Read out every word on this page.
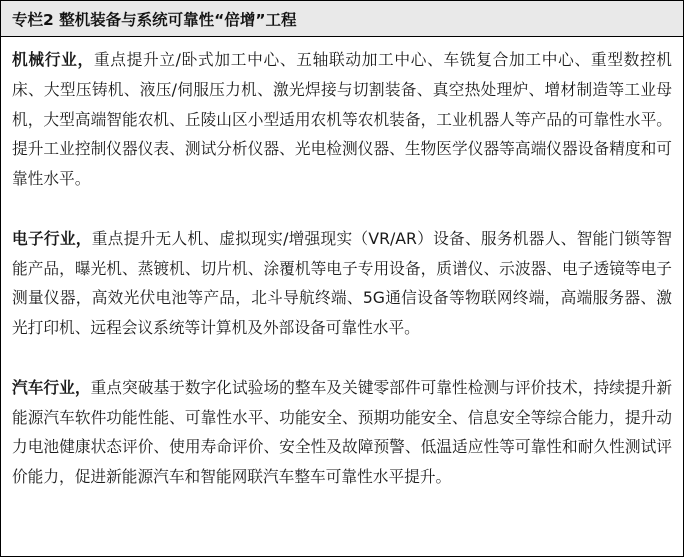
专栏2 整机装备与系统可靠性“倍增”工程

机械行业，重点提升立/卧式加工中心、五轴联动加工中心、车铣复合加工中心、重型数控机床、大型压铸机、液压/伺服压力机、激光焊接与切割装备、真空热处理炉、增材制造等工业母机，大型高端智能农机、丘陵山区小型适用农机等农机装备，工业机器人等产品的可靠性水平。提升工业控制仪器仪表、测试分析仪器、光电检测仪器、生物医学仪器等高端仪器设备精度和可靠性水平。

电子行业，重点提升无人机、虚拟现实/增强现实（VR/AR）设备、服务机器人、智能门锁等智能产品，曝光机、蒸镀机、切片机、涂覆机等电子专用设备，质谱仪、示波器、电子透镜等电子测量仪器，高效光伏电池等产品，北斗导航终端、5G通信设备等物联网终端，高端服务器、激光打印机、远程会议系统等计算机及外部设备可靠性水平。

汽车行业，重点突破基于数字化试验场的整车及关键零部件可靠性检测与评价技术，持续提升新能源汽车软件功能性能、可靠性水平、功能安全、预期功能安全、信息安全等综合能力，提升动力电池健康状态评价、使用寿命评价、安全性及故障预警、低温适应性等可靠性和耐久性测试评价能力，促进新能源汽车和智能网联汽车整车可靠性水平提升。
